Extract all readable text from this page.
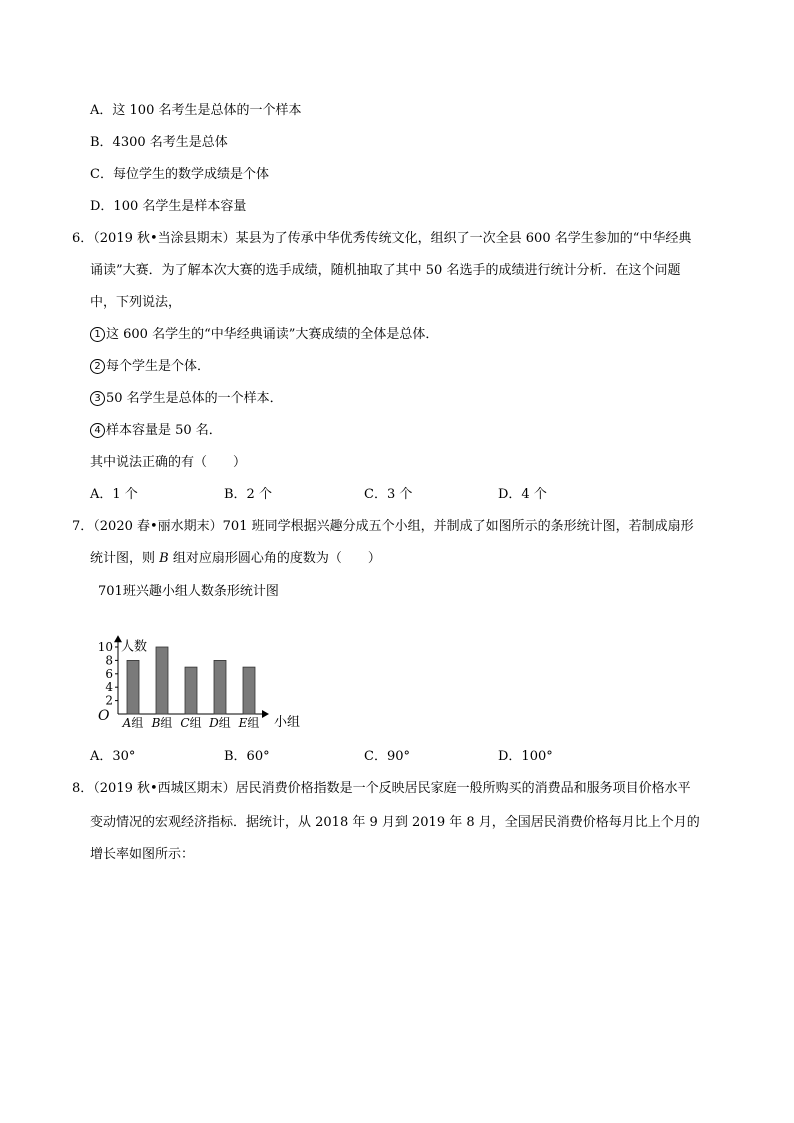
A．这 100 名考生是总体的一个样本
B．4300 名考生是总体
C．每位学生的数学成绩是个体
D．100 名学生是样本容量
6．（2019 秋•当涂县期末）某县为了传承中华优秀传统文化，组织了一次全县 600 名学生参加的“中华经典
诵读”大赛．为了解本次大赛的选手成绩，随机抽取了其中 50 名选手的成绩进行统计分析．在这个问题
中，下列说法，
1 这 600 名学生的“中华经典诵读”大赛成绩的全体是总体．
2 每个学生是个体．
3 50 名学生是总体的一个样本．
4 样本容量是 50 名．
其中说法正确的有（　　）
A．1 个	B．2 个	C．3 个	D．4 个
7．（2020 春•丽水期末）701 班同学根据兴趣分成五个小组，并制成了如图所示的条形统计图，若制成扇形
统计图，则 B 组对应扇形圆心角的度数为（　　）
701班兴趣小组人数条形统计图
2
4
6
8
10 人数
小组
O A组 B组 C组 D组 E组
A．30°	B．60°	C．90°	D．100°
8．（2019 秋•西城区期末）居民消费价格指数是一个反映居民家庭一般所购买的消费品和服务项目价格水平
变动情况的宏观经济指标．据统计，从 2018 年 9 月到 2019 年 8 月，全国居民消费价格每月比上个月的
增长率如图所示：
